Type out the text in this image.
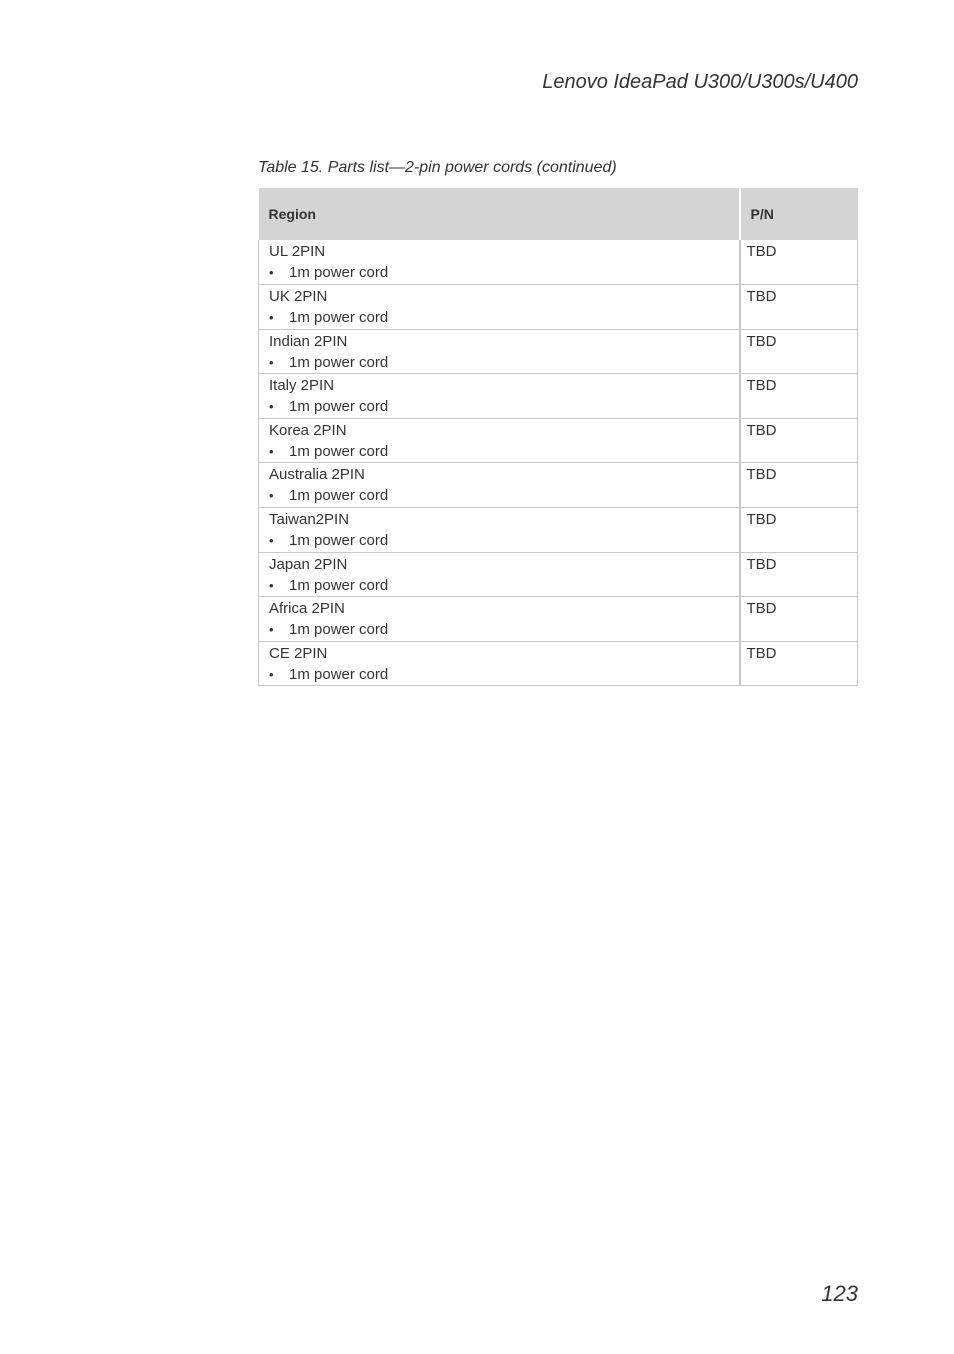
Lenovo IdeaPad U300/U300s/U400
Table 15. Parts list—2-pin power cords (continued)
Region	P/N

UL 2PIN
• 1m power cord	TBD

UK 2PIN
• 1m power cord	TBD

Indian 2PIN
• 1m power cord	TBD

Italy 2PIN
• 1m power cord	TBD

Korea 2PIN
• 1m power cord	TBD

Australia 2PIN
• 1m power cord	TBD

Taiwan2PIN
• 1m power cord	TBD

Japan 2PIN
• 1m power cord	TBD

Africa 2PIN
• 1m power cord	TBD

CE 2PIN
• 1m power cord	TBD
123
